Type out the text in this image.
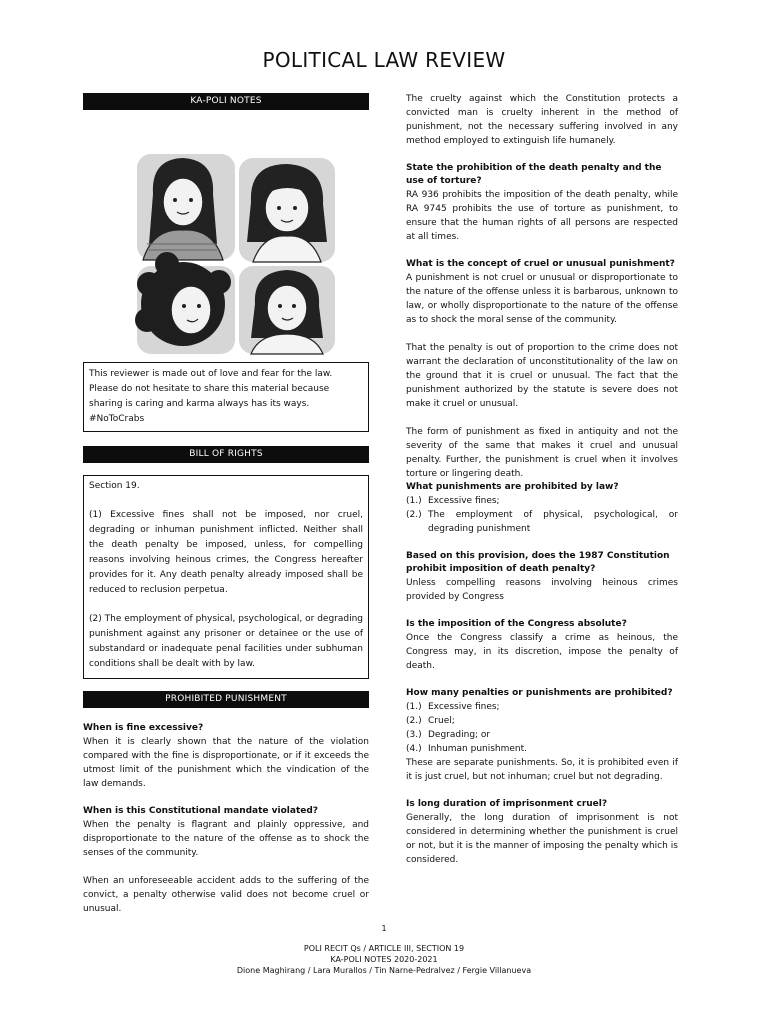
POLITICAL LAW REVIEW
KA-POLI NOTES
This reviewer is made out of love and fear for the law. Please do not hesitate to share this material because sharing is caring and karma always has its ways. #NoToCrabs
BILL OF RIGHTS

Section 19.

(1) Excessive fines shall not be imposed, nor cruel, degrading or inhuman punishment inflicted. Neither shall the death penalty be imposed, unless, for compelling reasons involving heinous crimes, the Congress hereafter provides for it. Any death penalty already imposed shall be reduced to reclusion perpetua.

(2) The employment of physical, psychological, or degrading punishment against any prisoner or detainee or the use of substandard or inadequate penal facilities under subhuman conditions shall be dealt with by law.

PROHIBITED PUNISHMENT

When is fine excessive?

When it is clearly shown that the nature of the violation compared with the fine is disproportionate, or if it exceeds the utmost limit of the punishment which the vindication of the law demands.

When is this Constitutional mandate violated?

When the penalty is flagrant and plainly oppressive, and disproportionate to the nature of the offense as to shock the senses of the community.

When an unforeseeable accident adds to the suffering of the convict, a penalty otherwise valid does not become cruel or unusual.

The cruelty against which the Constitution protects a convicted man is cruelty inherent in the method of punishment, not the necessary suffering involved in any method employed to extinguish life humanely.

State the prohibition of the death penalty and the use of torture?

RA 936 prohibits the imposition of the death penalty, while RA 9745 prohibits the use of torture as punishment, to ensure that the human rights of all persons are respected at all times.

What is the concept of cruel or unusual punishment?

A punishment is not cruel or unusual or disproportionate to the nature of the offense unless it is barbarous, unknown to law, or wholly disproportionate to the nature of the offense as to shock the moral sense of the community.

That the penalty is out of proportion to the crime does not warrant the declaration of unconstitutionality of the law on the ground that it is cruel or unusual. The fact that the punishment authorized by the statute is severe does not make it cruel or unusual.

The form of punishment as fixed in antiquity and not the severity of the same that makes it cruel and unusual penalty. Further, the punishment is cruel when it involves torture or lingering death.

What punishments are prohibited by law?

(1.) Excessive fines;
(2.) The employment of physical, psychological, or degrading punishment

Based on this provision, does the 1987 Constitution prohibit imposition of death penalty?

Unless compelling reasons involving heinous crimes provided by Congress

Is the imposition of the Congress absolute?

Once the Congress classify a crime as heinous, the Congress may, in its discretion, impose the penalty of death.

How many penalties or punishments are prohibited?

(1.) Excessive fines;
(2.) Cruel;
(3.) Degrading; or
(4.) Inhuman punishment.

These are separate punishments. So, it is prohibited even if it is just cruel, but not inhuman; cruel but not degrading.

Is long duration of imprisonment cruel?

Generally, the long duration of imprisonment is not considered in determining whether the punishment is cruel or not, but it is the manner of imposing the penalty which is considered.

1
POLI RECIT Qs / ARTICLE III, SECTION 19
KA-POLI NOTES 2020-2021
Dione Maghirang / Lara Murallos / Tin Narne-Pedralvez / Fergie Villanueva
